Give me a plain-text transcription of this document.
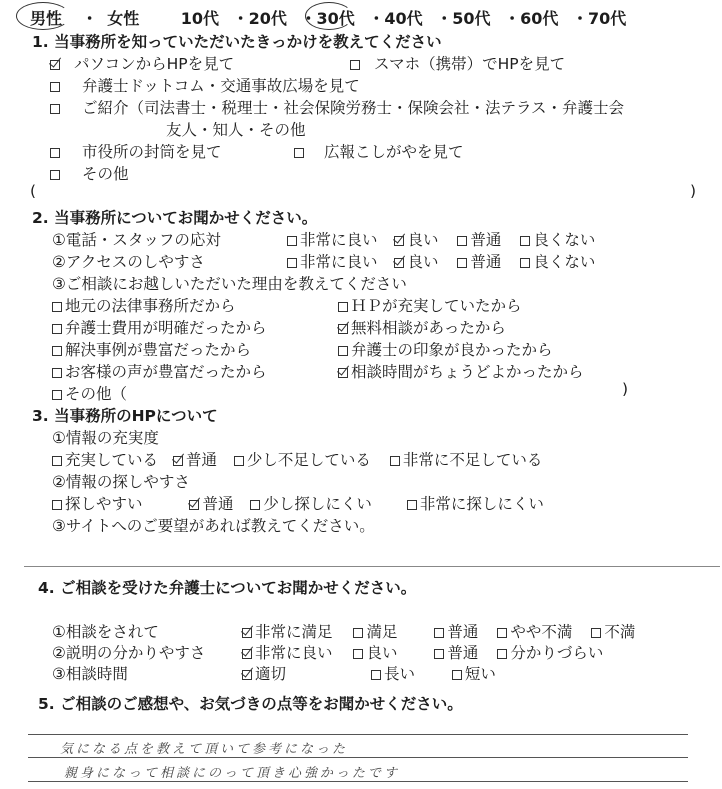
男性 ・ 女性	10代 ・20代 ・30代 ・40代 ・50代 ・60代 ・70代
1. 当事務所を知っていただいたきっかけを教えてください
パソコンからHPを見て	スマホ（携帯）でHPを見て
弁護士ドットコム・交通事故広場を見て
ご紹介（司法書士・税理士・社会保険労務士・保険会社・法テラス・弁護士会
友人・知人・その他
市役所の封筒を見て	広報こしがやを見て
その他
(	)
2. 当事務所についてお聞かせください。
①電話・スタッフの応対	非常に良い 良い 普通 良くない
②アクセスのしやすさ	非常に良い 良い 普通 良くない
③ご相談にお越しいただいた理由を教えてください
地元の法律事務所だから	ＨＰが充実していたから
弁護士費用が明確だったから	無料相談があったから
解決事例が豊富だったから	弁護士の印象が良かったから
お客様の声が豊富だったから	相談時間がちょうどよかったから
その他（	)
3. 当事務所のHPについて
①情報の充実度
充実している 普通 少し不足している 非常に不足している
②情報の探しやすさ
探しやすい	普通 少し探しにくい	非常に探しにくい
③サイトへのご要望があれば教えてください。
4. ご相談を受けた弁護士についてお聞かせください。
①相談をされて	非常に満足 満足	普通 やや不満 不満
②説明の分かりやすさ	非常に良い 良い	普通 分かりづらい
③相談時間	適切	長い	短い
5. ご相談のご感想や、お気づきの点等をお聞かせください。
気になる点を教えて頂いて参考になった
親身になって相談にのって頂き心強かったです
